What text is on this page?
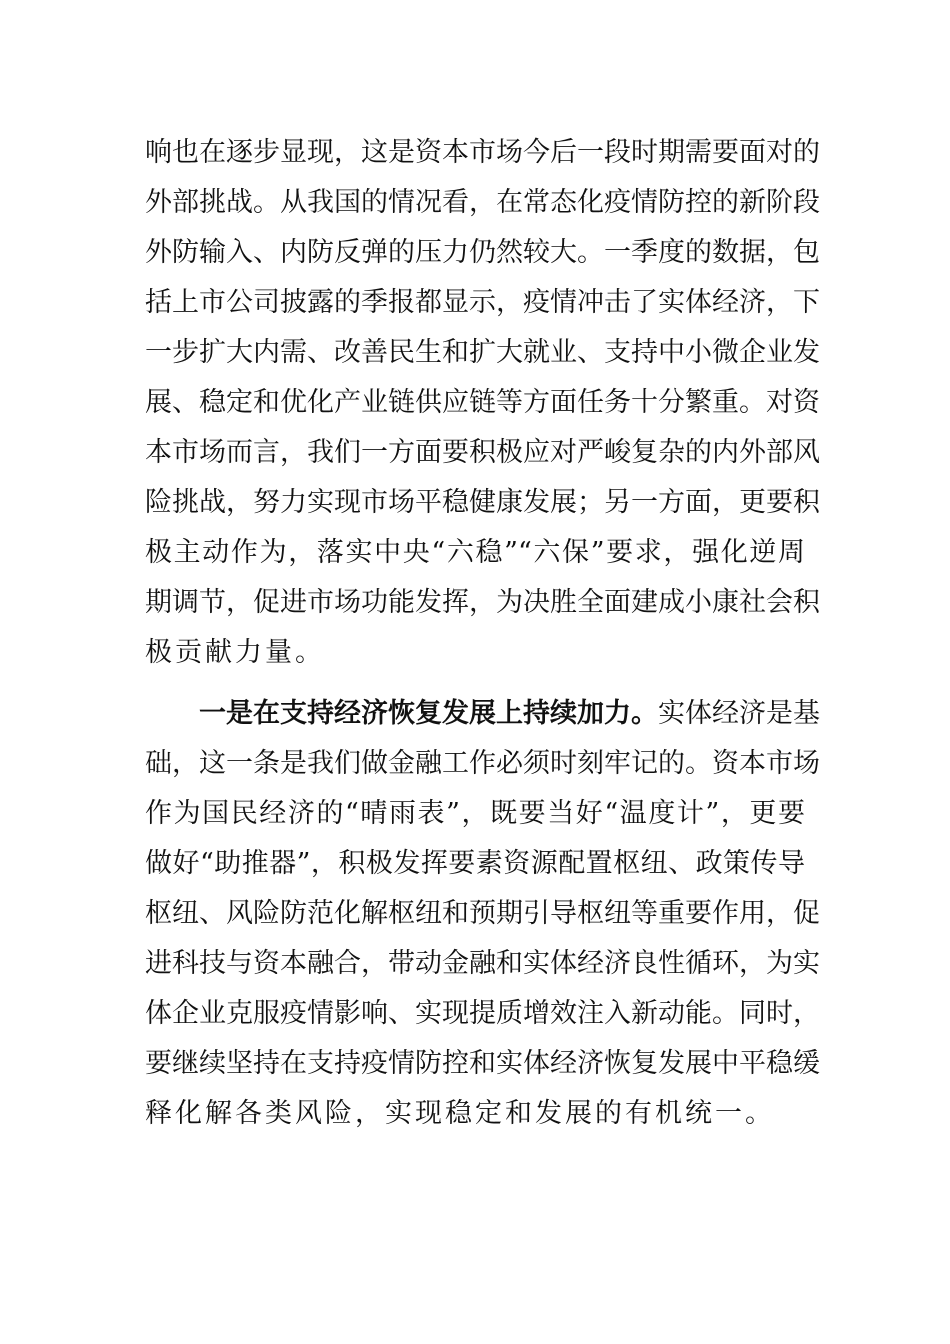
响也在逐步显现，这是资本市场今后一段时期需要面对的
外部挑战。从我国的情况看，在常态化疫情防控的新阶段
外防输入、内防反弹的压力仍然较大。一季度的数据，包
括上市公司披露的季报都显示，疫情冲击了实体经济，下
一步扩大内需、改善民生和扩大就业、支持中小微企业发
展、稳定和优化产业链供应链等方面任务十分繁重。对资
本市场而言，我们一方面要积极应对严峻复杂的内外部风
险挑战，努力实现市场平稳健康发展；另一方面，更要积
极主动作为，落实中央“六稳”“六保”要求，强化逆周
期调节，促进市场功能发挥，为决胜全面建成小康社会积
极贡献力量。
一是在支持经济恢复发展上持续加力。实体经济是基
础，这一条是我们做金融工作必须时刻牢记的。资本市场
作为国民经济的“晴雨表”，既要当好“温度计”，更要
做好“助推器”，积极发挥要素资源配置枢纽、政策传导
枢纽、风险防范化解枢纽和预期引导枢纽等重要作用，促
进科技与资本融合，带动金融和实体经济良性循环，为实
体企业克服疫情影响、实现提质增效注入新动能。同时，
要继续坚持在支持疫情防控和实体经济恢复发展中平稳缓
释化解各类风险，实现稳定和发展的有机统一。
